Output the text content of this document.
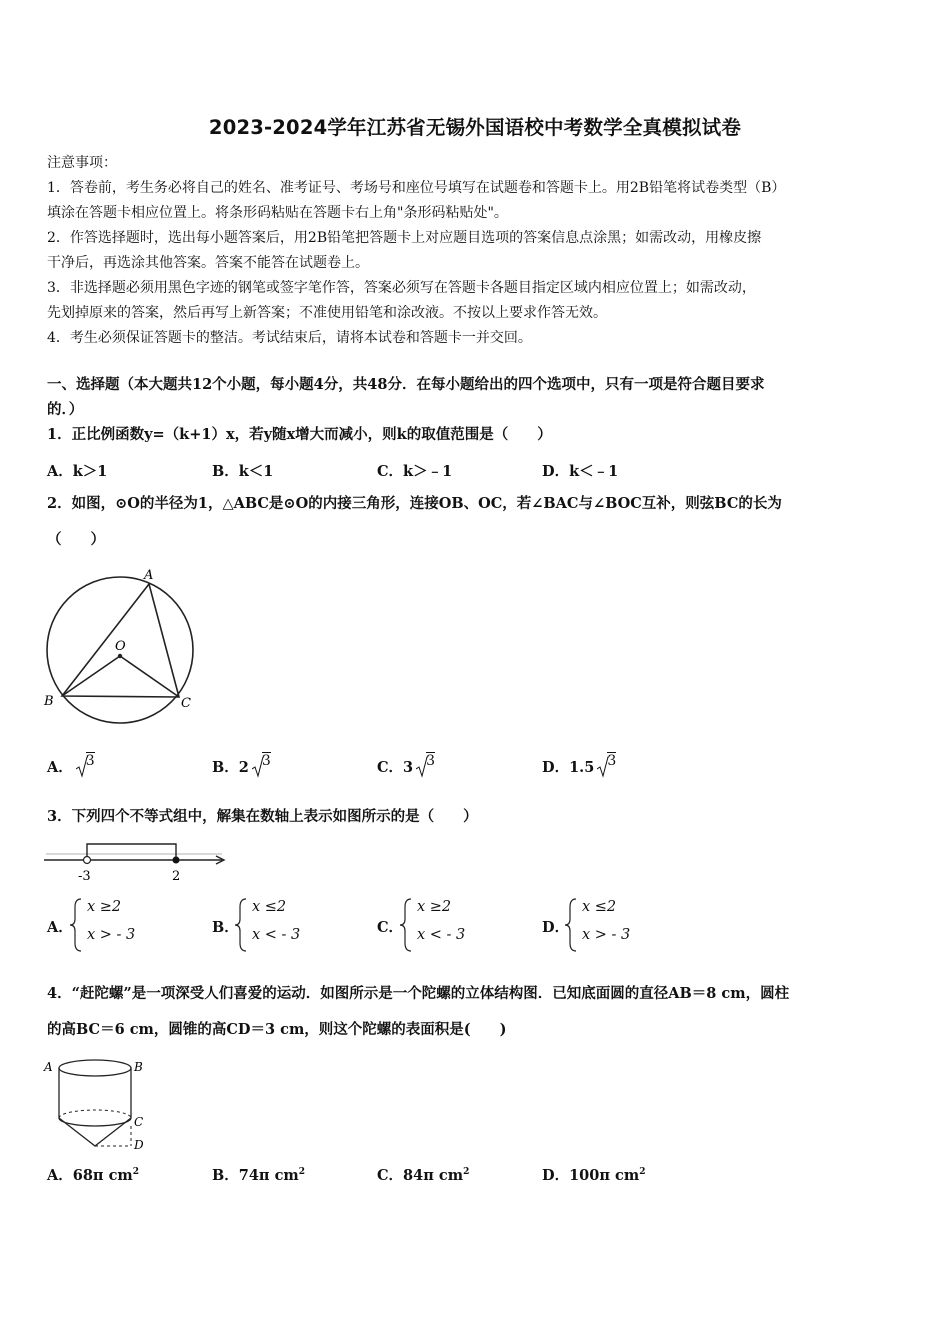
2023-2024学年江苏省无锡外国语校中考数学全真模拟试卷

注意事项：

1．答卷前，考生务必将自己的姓名、准考证号、考场号和座位号填写在试题卷和答题卡上。用2B铅笔将试卷类型（B）

填涂在答题卡相应位置上。将条形码粘贴在答题卡右上角"条形码粘贴处"。

2．作答选择题时，选出每小题答案后，用2B铅笔把答题卡上对应题目选项的答案信息点涂黑；如需改动，用橡皮擦

干净后，再选涂其他答案。答案不能答在试题卷上。

3．非选择题必须用黑色字迹的钢笔或签字笔作答，答案必须写在答题卡各题目指定区域内相应位置上；如需改动，

先划掉原来的答案，然后再写上新答案；不准使用铅笔和涂改液。不按以上要求作答无效。

4．考生必须保证答题卡的整洁。考试结束后，请将本试卷和答题卡一并交回。

一、选择题（本大题共12个小题，每小题4分，共48分．在每小题给出的四个选项中，只有一项是符合题目要求

的．）

1．正比例函数y=（k+1）x，若y随x增大而减小，则k的取值范围是（　　）

A．k＞1	B．k＜1	C．k＞﹣1	D．k＜﹣1

2．如图，⊙O的半径为1，△ABC是⊙O的内接三角形，连接OB、OC，若∠BAC与∠BOC互补，则弦BC的长为

（　　）

A
O
B	C
A． 3	B．2 3	C．3 3	D．1.5 3

3．下列四个不等式组中，解集在数轴上表示如图所示的是（　　）

-3	2
A．
x ≥2
x > - 3	B．
x ≤2
x < - 3	C．
x ≥2
x < - 3	D．
x ≤2
x > - 3

4．“赶陀螺”是一项深受人们喜爱的运动．如图所示是一个陀螺的立体结构图．已知底面圆的直径AB＝8 cm，圆柱

的高BC＝6 cm，圆锥的高CD＝3 cm，则这个陀螺的表面积是(　　)

A	B
C
D
A．68π $cm^2$	B．74π $cm^2$	C．84π $cm^2$	D．100π $cm^2$
